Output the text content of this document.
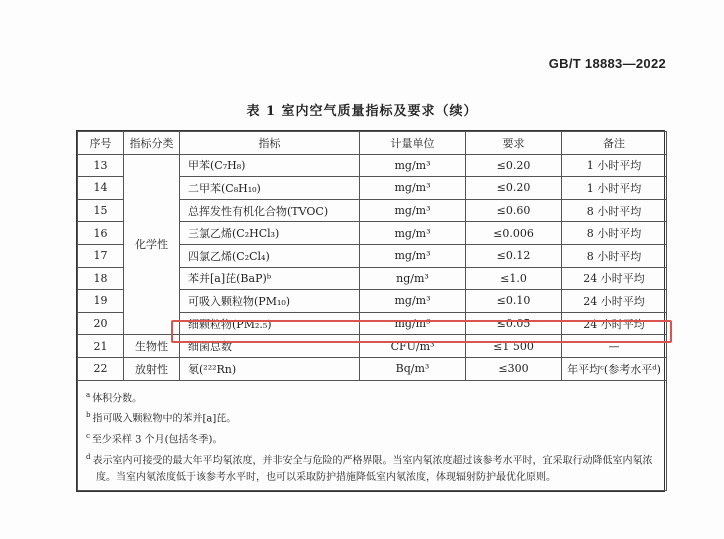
GB/T 18883—2022
表 1 室内空气质量指标及要求（续）
序号	指标分类	指标	计量单位	要求	备注
13	化学性	甲苯(C₇H₈)	mg/m³	≤0.20	1 小时平均
14		二甲苯(C₈H₁₀)	mg/m³	≤0.20	1 小时平均
15		总挥发性有机化合物(TVOC)	mg/m³	≤0.60	8 小时平均
16		三氯乙烯(C₂HCl₃)	mg/m³	≤0.006	8 小时平均
17		四氯乙烯(C₂Cl₄)	mg/m³	≤0.12	8 小时平均
18		苯并[a]芘(BaP)ᵇ	ng/m³	≤1.0	24 小时平均
19		可吸入颗粒物(PM₁₀)	mg/m³	≤0.10	24 小时平均
20		细颗粒物(PM₂.₅)	mg/m³	≤0.05	24 小时平均
21	生物性	细菌总数	CFU/m³	≤1 500	—
22	放射性	氡(²²²Rn)	Bq/m³	≤300	年平均ᶜ(参考水平ᵈ)

$^a$ 体积分数。
$^b$ 指可吸入颗粒物中的苯并[a]芘。
$^c$ 至少采样 3 个月(包括冬季)。
$^d$ 表示室内可接受的最大年平均氡浓度，并非安全与危险的严格界限。当室内氡浓度超过该参考水平时，宜采取行动降低室内氡浓度。当室内氡浓度低于该参考水平时，也可以采取防护措施降低室内氡浓度，体现辐射防护最优化原则。					
